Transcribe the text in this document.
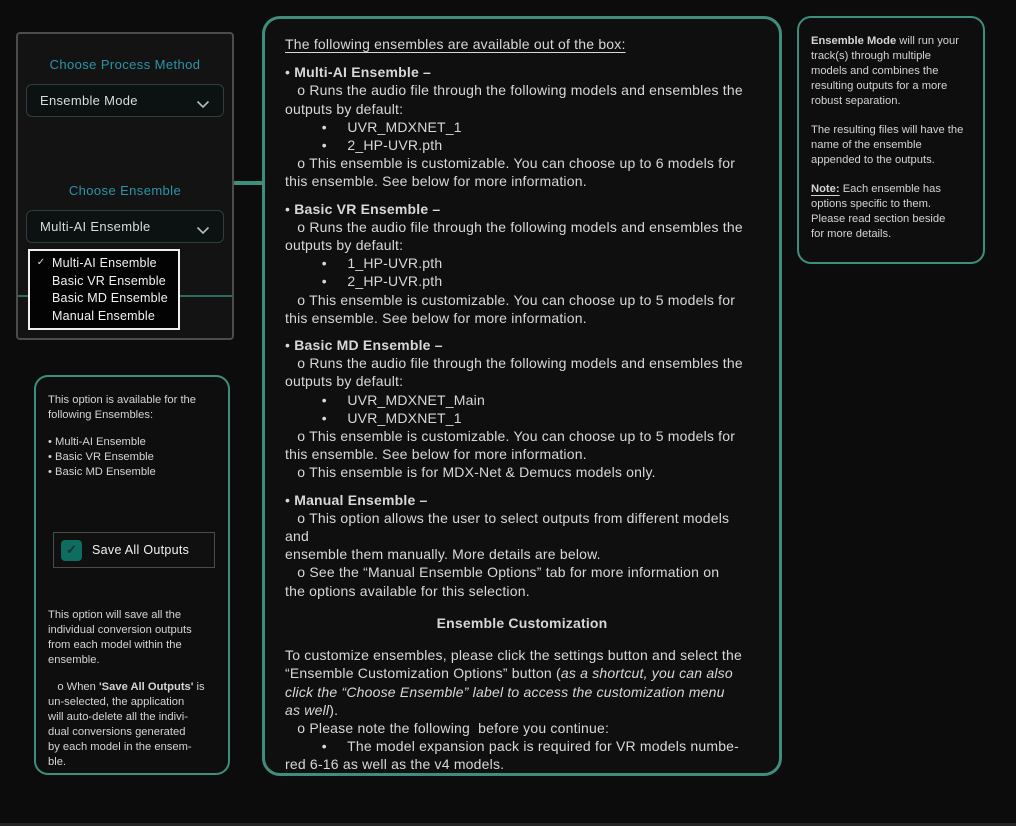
Choose Process Method
Ensemble Mode
Choose Ensemble
Multi-AI Ensemble
✓ Multi-AI Ensemble
Basic VR Ensemble
Basic MD Ensemble
Manual Ensemble
The following ensembles are available out of the box:
• Multi-AI Ensemble –
o Runs the audio file through the following models and ensembles the
outputs by default:
•     UVR_MDXNET_1
•     2_HP-UVR.pth
o This ensemble is customizable. You can choose up to 6 models for
this ensemble. See below for more information.
• Basic VR Ensemble –
o Runs the audio file through the following models and ensembles the
outputs by default:
•     1_HP-UVR.pth
•     2_HP-UVR.pth
o This ensemble is customizable. You can choose up to 5 models for
this ensemble. See below for more information.
• Basic MD Ensemble –
o Runs the audio file through the following models and ensembles the
outputs by default:
•     UVR_MDXNET_Main
•     UVR_MDXNET_1
o This ensemble is customizable. You can choose up to 5 models for
this ensemble. See below for more information.
o This ensemble is for MDX-Net & Demucs models only.
• Manual Ensemble –
o This option allows the user to select outputs from different models
and
ensemble them manually. More details are below.
o See the “Manual Ensemble Options” tab for more information on
the options available for this selection.
Ensemble Customization
To customize ensembles, please click the settings button and select the
“Ensemble Customization Options” button (as a shortcut, you can also
click the “Choose Ensemble” label to access the customization menu
as well).
o Please note the following  before you continue:
•     The model expansion pack is required for VR models numbe-
red 6-16 as well as the v4 models.
Ensemble Mode will run your
track(s) through multiple
models and combines the
resulting outputs for a more
robust separation.
The resulting files will have the
name of the ensemble
appended to the outputs.
Note: Each ensemble has
options specific to them.
Please read section beside
for more details.
This option is available for the
following Ensembles:
• Multi-AI Ensemble
• Basic VR Ensemble
• Basic MD Ensemble
✓	Save All Outputs
This option will save all the
individual conversion outputs
from each model within the
ensemble.
o When 'Save All Outputs' is
un-selected, the application
will auto-delete all the indivi-
dual conversions generated
by each model in the ensem-
ble.
